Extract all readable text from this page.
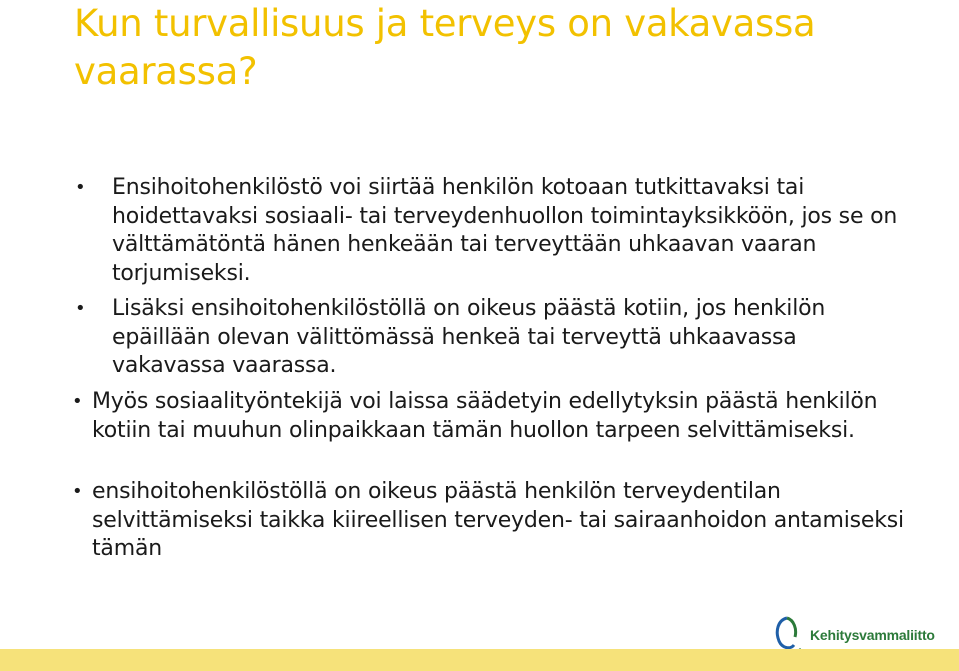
Kun turvallisuus ja terveys on vakavassa vaarassa?

• Ensihoitohenkilöstö voi siirtää henkilön kotoaan tutkittavaksi tai hoidettavaksi sosiaali- tai terveydenhuollon toimintayksikköön, jos se on välttämätöntä hänen henkeään tai terveyttään uhkaavan vaaran torjumiseksi.

• Lisäksi ensihoitohenkilöstöllä on oikeus päästä kotiin, jos henkilön epäillään olevan välittömässä henkeä tai terveyttä uhkaavassa vakavassa vaarassa.

• Myös sosiaalityöntekijä voi laissa säädetyin edellytyksin päästä henkilön kotiin tai muuhun olinpaikkaan tämän huollon tarpeen selvittämiseksi.

• ensihoitohenkilöstöllä on oikeus päästä henkilön terveydentilan selvittämiseksi taikka kiireellisen terveyden- tai sairaanhoidon antamiseksi tämän

Kehitysvammaliitto
